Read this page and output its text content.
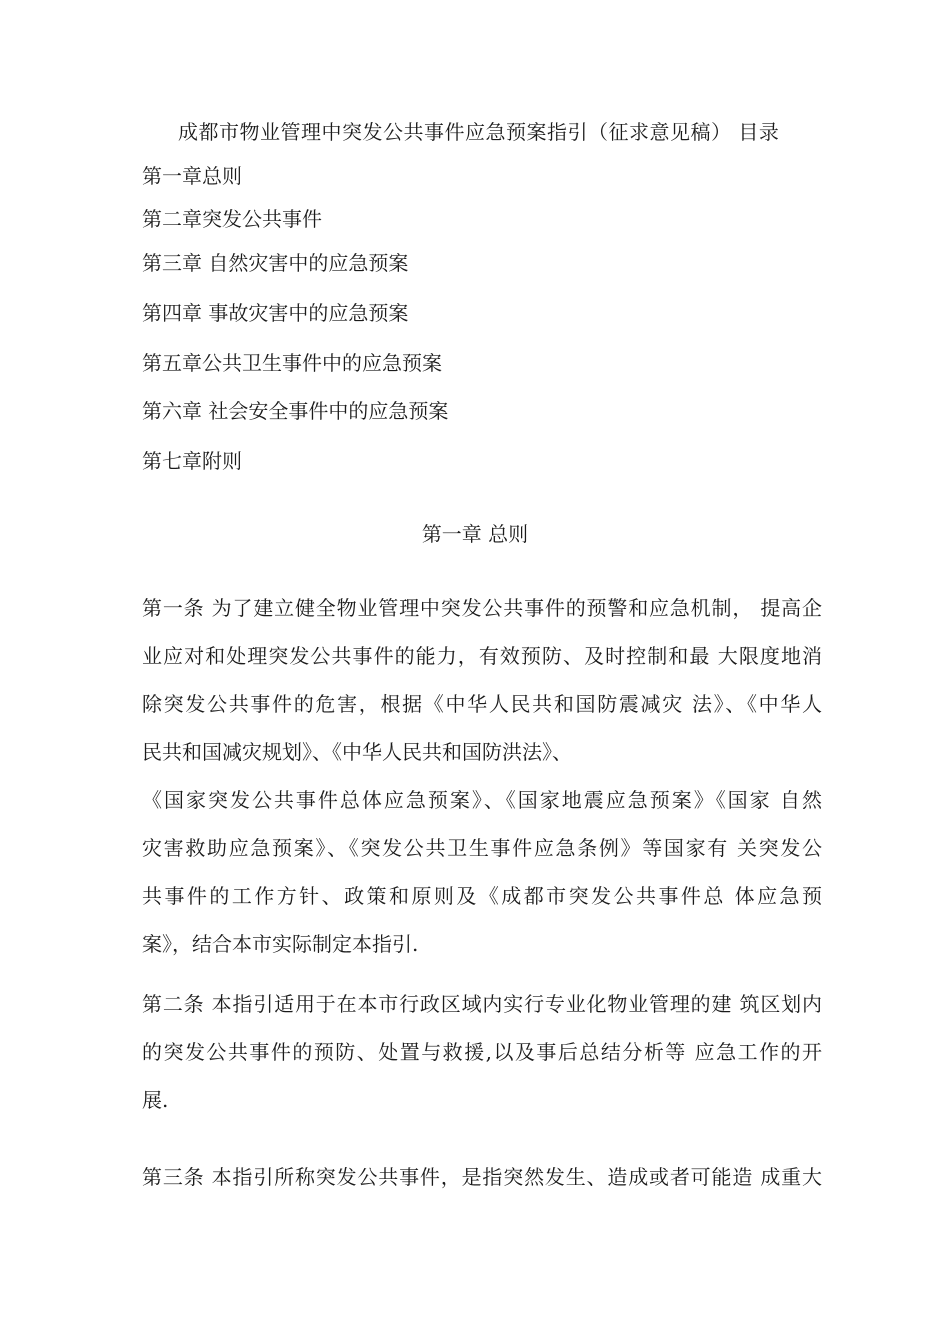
成都市物业管理中突发公共事件应急预案指引（征求意见稿） 目录
第一章总则
第二章突发公共事件
第三章 自然灾害中的应急预案
第四章 事故灾害中的应急预案
第五章公共卫生事件中的应急预案
第六章 社会安全事件中的应急预案
第七章附则
第一章 总则
第一条 为了建立健全物业管理中突发公共事件的预警和应急机制， 提高企
业应对和处理突发公共事件的能力，有效预防、及时控制和最 大限度地消
除突发公共事件的危害，根据《中华人民共和国防震减灾 法》、《中华人
民共和国减灾规划》、《中华人民共和国防洪法》、
《国家突发公共事件总体应急预案》、《国家地震应急预案》《国家 自然
灾害救助应急预案》、《突发公共卫生事件应急条例》等国家有 关突发公
共事件的工作方针、政策和原则及《成都市突发公共事件总 体应急预
案》，结合本市实际制定本指引.
第二条 本指引适用于在本市行政区域内实行专业化物业管理的建 筑区划内
的突发公共事件的预防、处置与救援,以及事后总结分析等 应急工作的开
展.
第三条 本指引所称突发公共事件，是指突然发生、造成或者可能造 成重大
